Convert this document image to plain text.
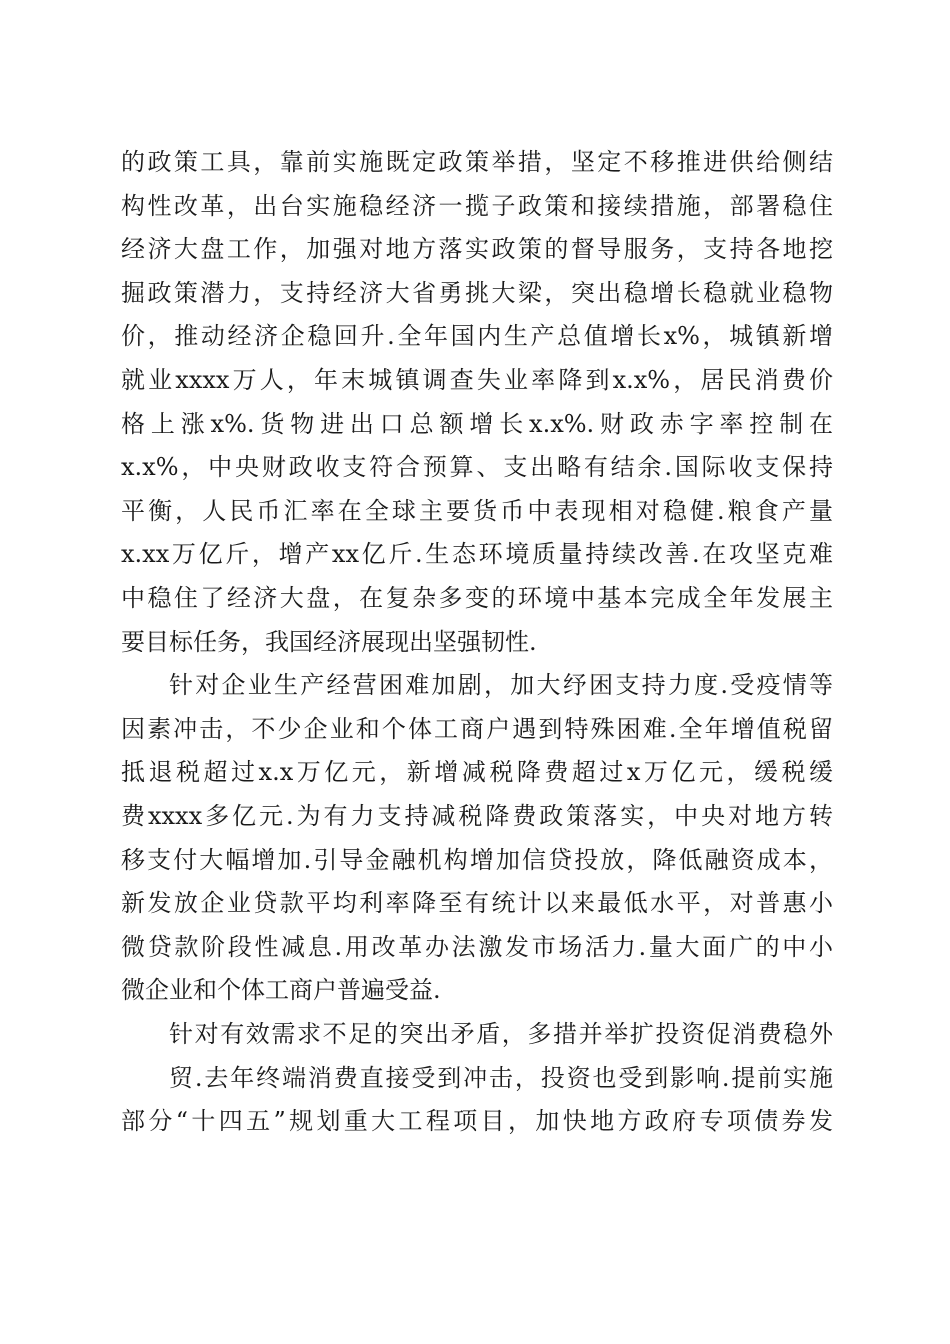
的政策工具，靠前实施既定政策举措，坚定不移推进供给侧结
构性改革，出台实施稳经济一揽子政策和接续措施，部署稳住
经济大盘工作，加强对地方落实政策的督导服务，支持各地挖
掘政策潜力，支持经济大省勇挑大梁，突出稳增长稳就业稳物
价，推动经济企稳回升.全年国内生产总值增长x%，城镇新增
就业xxxx万人，年末城镇调查失业率降到x.x%，居民消费价
格上涨x%.货物进出口总额增长x.x%.财政赤字率控制在
x.x%，中央财政收支符合预算、支出略有结余.国际收支保持
平衡，人民币汇率在全球主要货币中表现相对稳健.粮食产量
x.xx万亿斤，增产xx亿斤.生态环境质量持续改善.在攻坚克难
中稳住了经济大盘，在复杂多变的环境中基本完成全年发展主
要目标任务，我国经济展现出坚强韧性.
针对企业生产经营困难加剧，加大纾困支持力度.受疫情等
因素冲击，不少企业和个体工商户遇到特殊困难.全年增值税留
抵退税超过x.x万亿元，新增减税降费超过x万亿元，缓税缓
费xxxx多亿元.为有力支持减税降费政策落实，中央对地方转
移支付大幅增加.引导金融机构增加信贷投放，降低融资成本，
新发放企业贷款平均利率降至有统计以来最低水平，对普惠小
微贷款阶段性减息.用改革办法激发市场活力.量大面广的中小
微企业和个体工商户普遍受益.
针对有效需求不足的突出矛盾，多措并举扩投资促消费稳外
贸.去年终端消费直接受到冲击，投资也受到影响.提前实施
部分“十四五”规划重大工程项目，加快地方政府专项债券发
